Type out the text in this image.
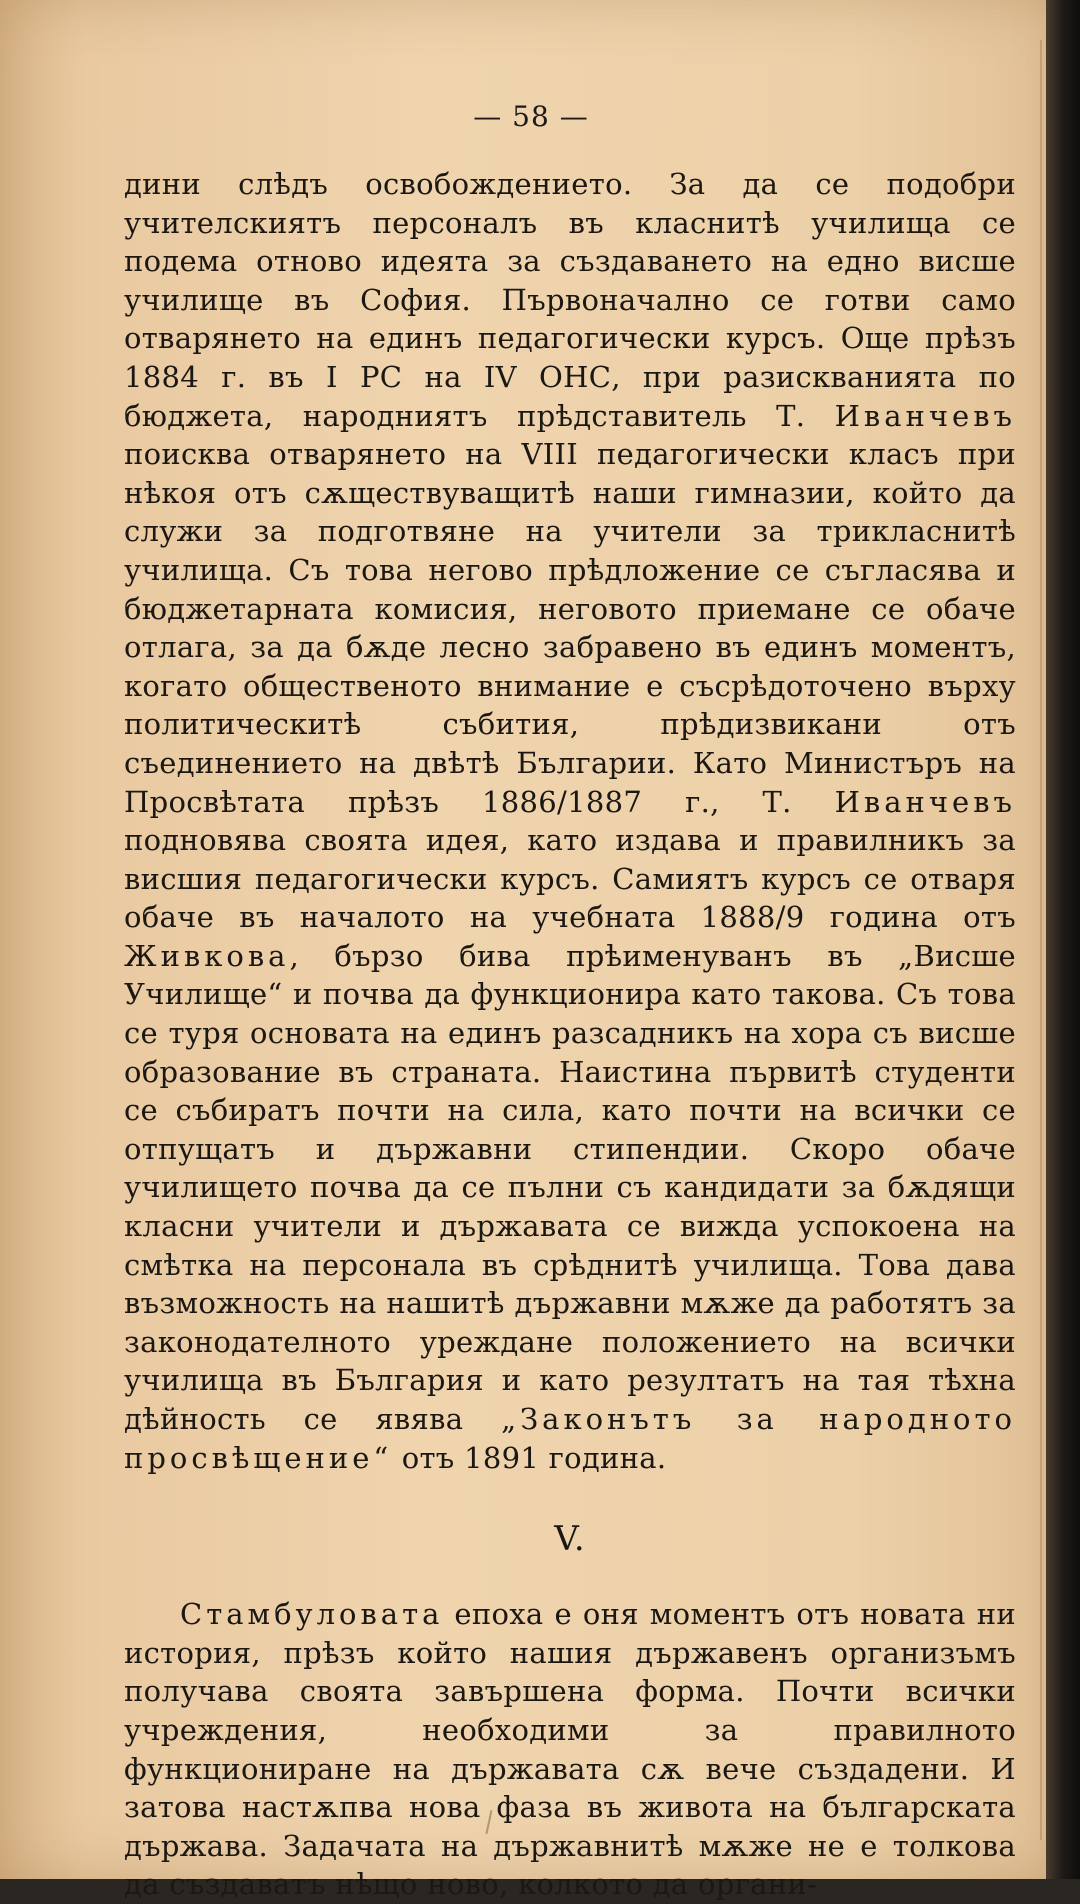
— 58 —

дини слѣдъ освобождението. За да се подобри учителскиятъ персоналъ въ класнитѣ училища се подема отново идеята за създаването на едно висше училище въ София. Първоначално се готви само отварянето на единъ педагогически курсъ. Още прѣзъ 1884 г. въ I РС на IV ОНС, при разискванията по бюджета, народниятъ прѣдставитель Т. Иванчевъ поисква отварянето на VIII педагогически класъ при нѣкоя отъ сѫществуващитѣ наши гимназии, който да служи за подготвяне на учители за трикласнитѣ училища. Съ това негово прѣдложение се съгласява и бюджетарната комисия, неговото приемане се обаче отлага, за да бѫде лесно забравено въ единъ моментъ, когато общественото внимание е съсрѣдоточено върху политическитѣ събития, прѣдизвикани отъ съединението на двѣтѣ Българии. Като Министъръ на Просвѣтата прѣзъ 1886/1887 г., Т. Иванчевъ подновява своята идея, като издава и правилникъ за висшия педагогически курсъ. Самиятъ курсъ се отваря обаче въ началото на учебната 1888/9 година отъ Живкова, бързо бива прѣименуванъ въ „Висше Училище“ и почва да функционира като такова. Съ това се туря основата на единъ разсадникъ на хора съ висше образование въ страната. Наистина първитѣ студенти се събиратъ почти на сила, като почти на всички се отпущатъ и държавни стипендии. Скоро обаче училището почва да се пълни съ кандидати за бѫдящи класни учители и държавата се вижда успокоена на смѣтка на персонала въ срѣднитѣ училища. Това дава възможность на нашитѣ държавни мѫже да работятъ за законодателното уреждане положението на всички училища въ България и като резултатъ на тая тѣхна дѣйность се явява „Законътъ за народното просвѣщение“ отъ 1891 година.

V.

Стамбуловата епоха е оня моментъ отъ новата ни история, прѣзъ който нашия държавенъ организъмъ получава своята завършена форма. Почти всички учреждения, необходими за правилното функциониране на държавата сѫ вече създадени. И затова настѫпва нова фаза въ живота на българската държава. Задачата на държавнитѣ мѫже не е толкова да създаватъ нѣщо ново, колкото да органи-
